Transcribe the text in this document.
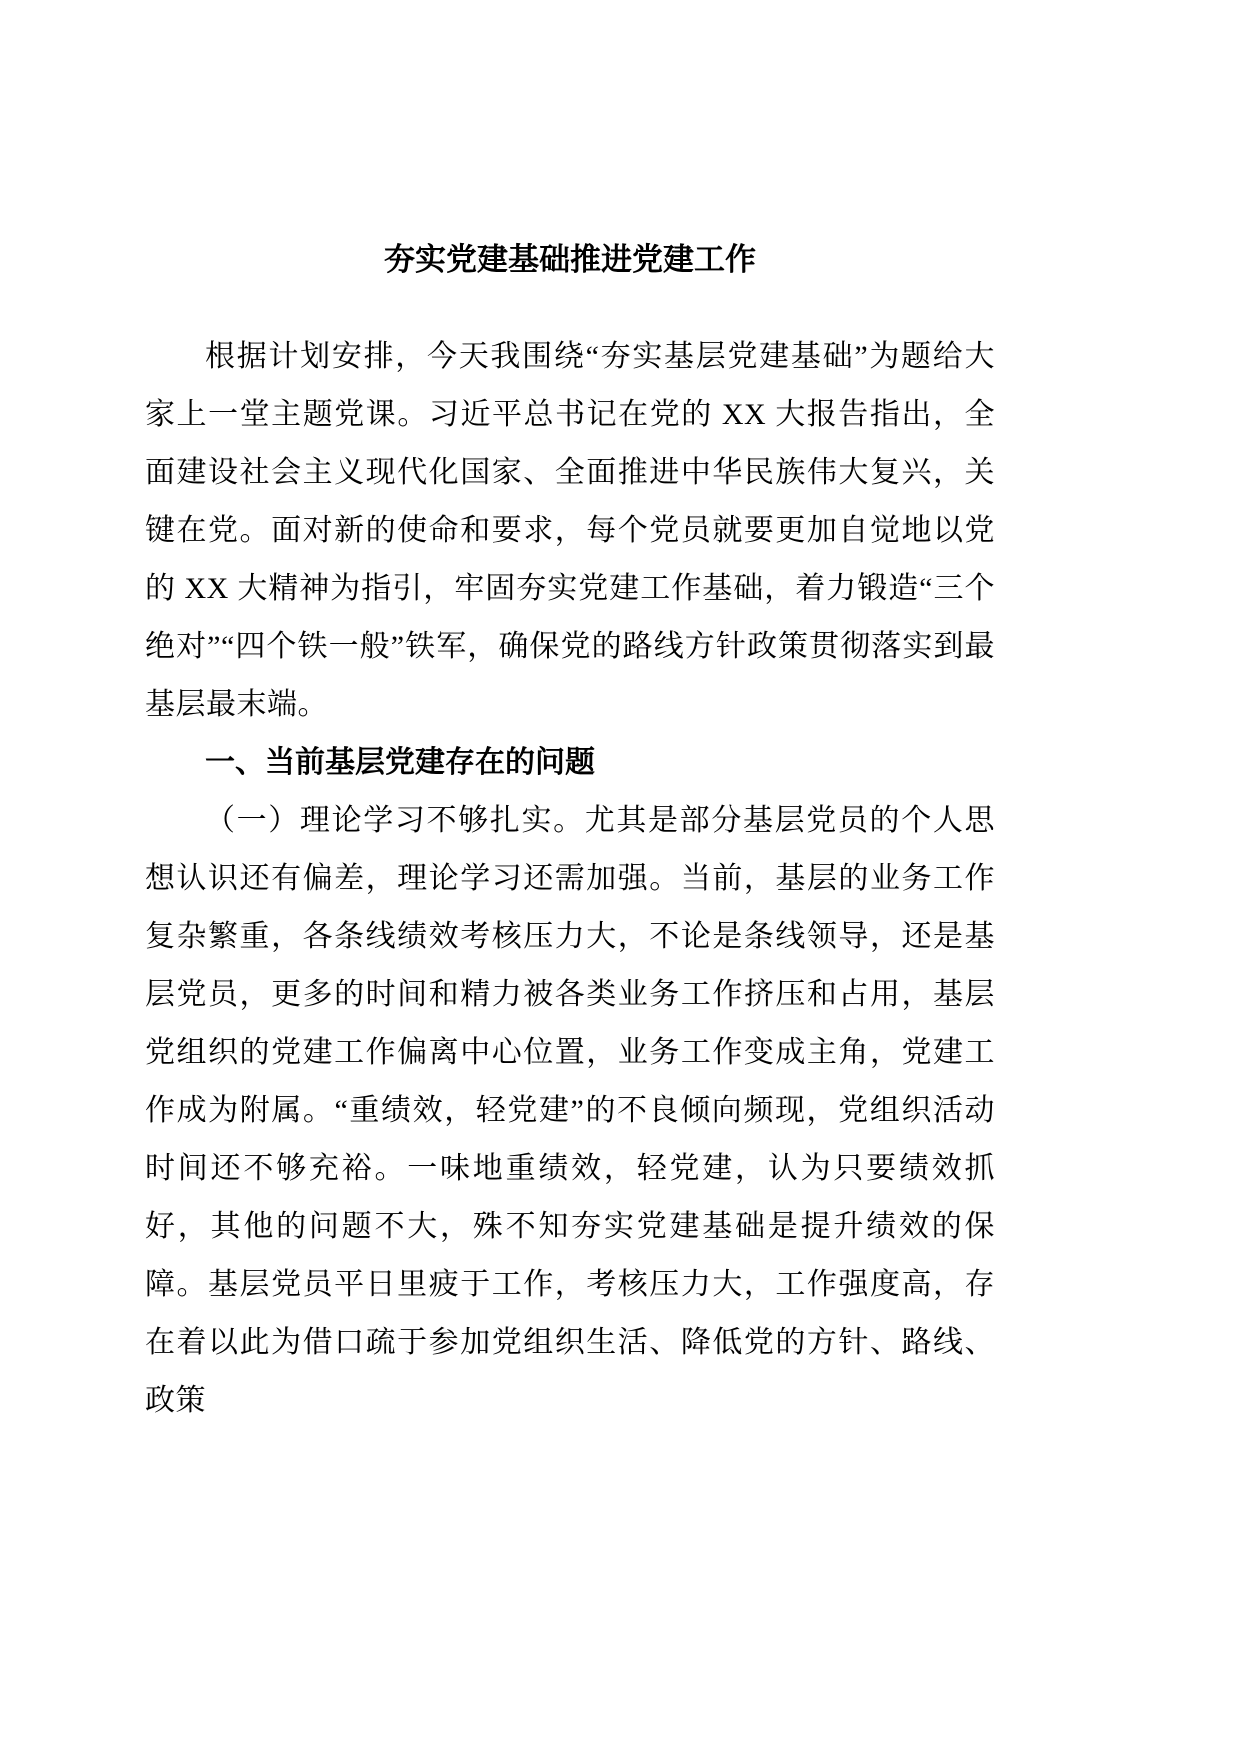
夯实党建基础推进党建工作

根据计划安排，今天我围绕“夯实基层党建基础”为题给大家上一堂主题党课。习近平总书记在党的 XX 大报告指出，全面建设社会主义现代化国家、全面推进中华民族伟大复兴，关键在党。面对新的使命和要求，每个党员就要更加自觉地以党的 XX 大精神为指引，牢固夯实党建工作基础，着力锻造“三个绝对”“四个铁一般”铁军，确保党的路线方针政策贯彻落实到最基层最末端。

一、当前基层党建存在的问题

（一）理论学习不够扎实。尤其是部分基层党员的个人思想认识还有偏差，理论学习还需加强。当前，基层的业务工作复杂繁重，各条线绩效考核压力大，不论是条线领导，还是基层党员，更多的时间和精力被各类业务工作挤压和占用，基层党组织的党建工作偏离中心位置，业务工作变成主角，党建工作成为附属。“重绩效，轻党建”的不良倾向频现，党组织活动时间还不够充裕。一味地重绩效，轻党建，认为只要绩效抓好，其他的问题不大，殊不知夯实党建基础是提升绩效的保障。基层党员平日里疲于工作，考核压力大，工作强度高，存在着以此为借口疏于参加党组织生活、降低党的方针、路线、政策
